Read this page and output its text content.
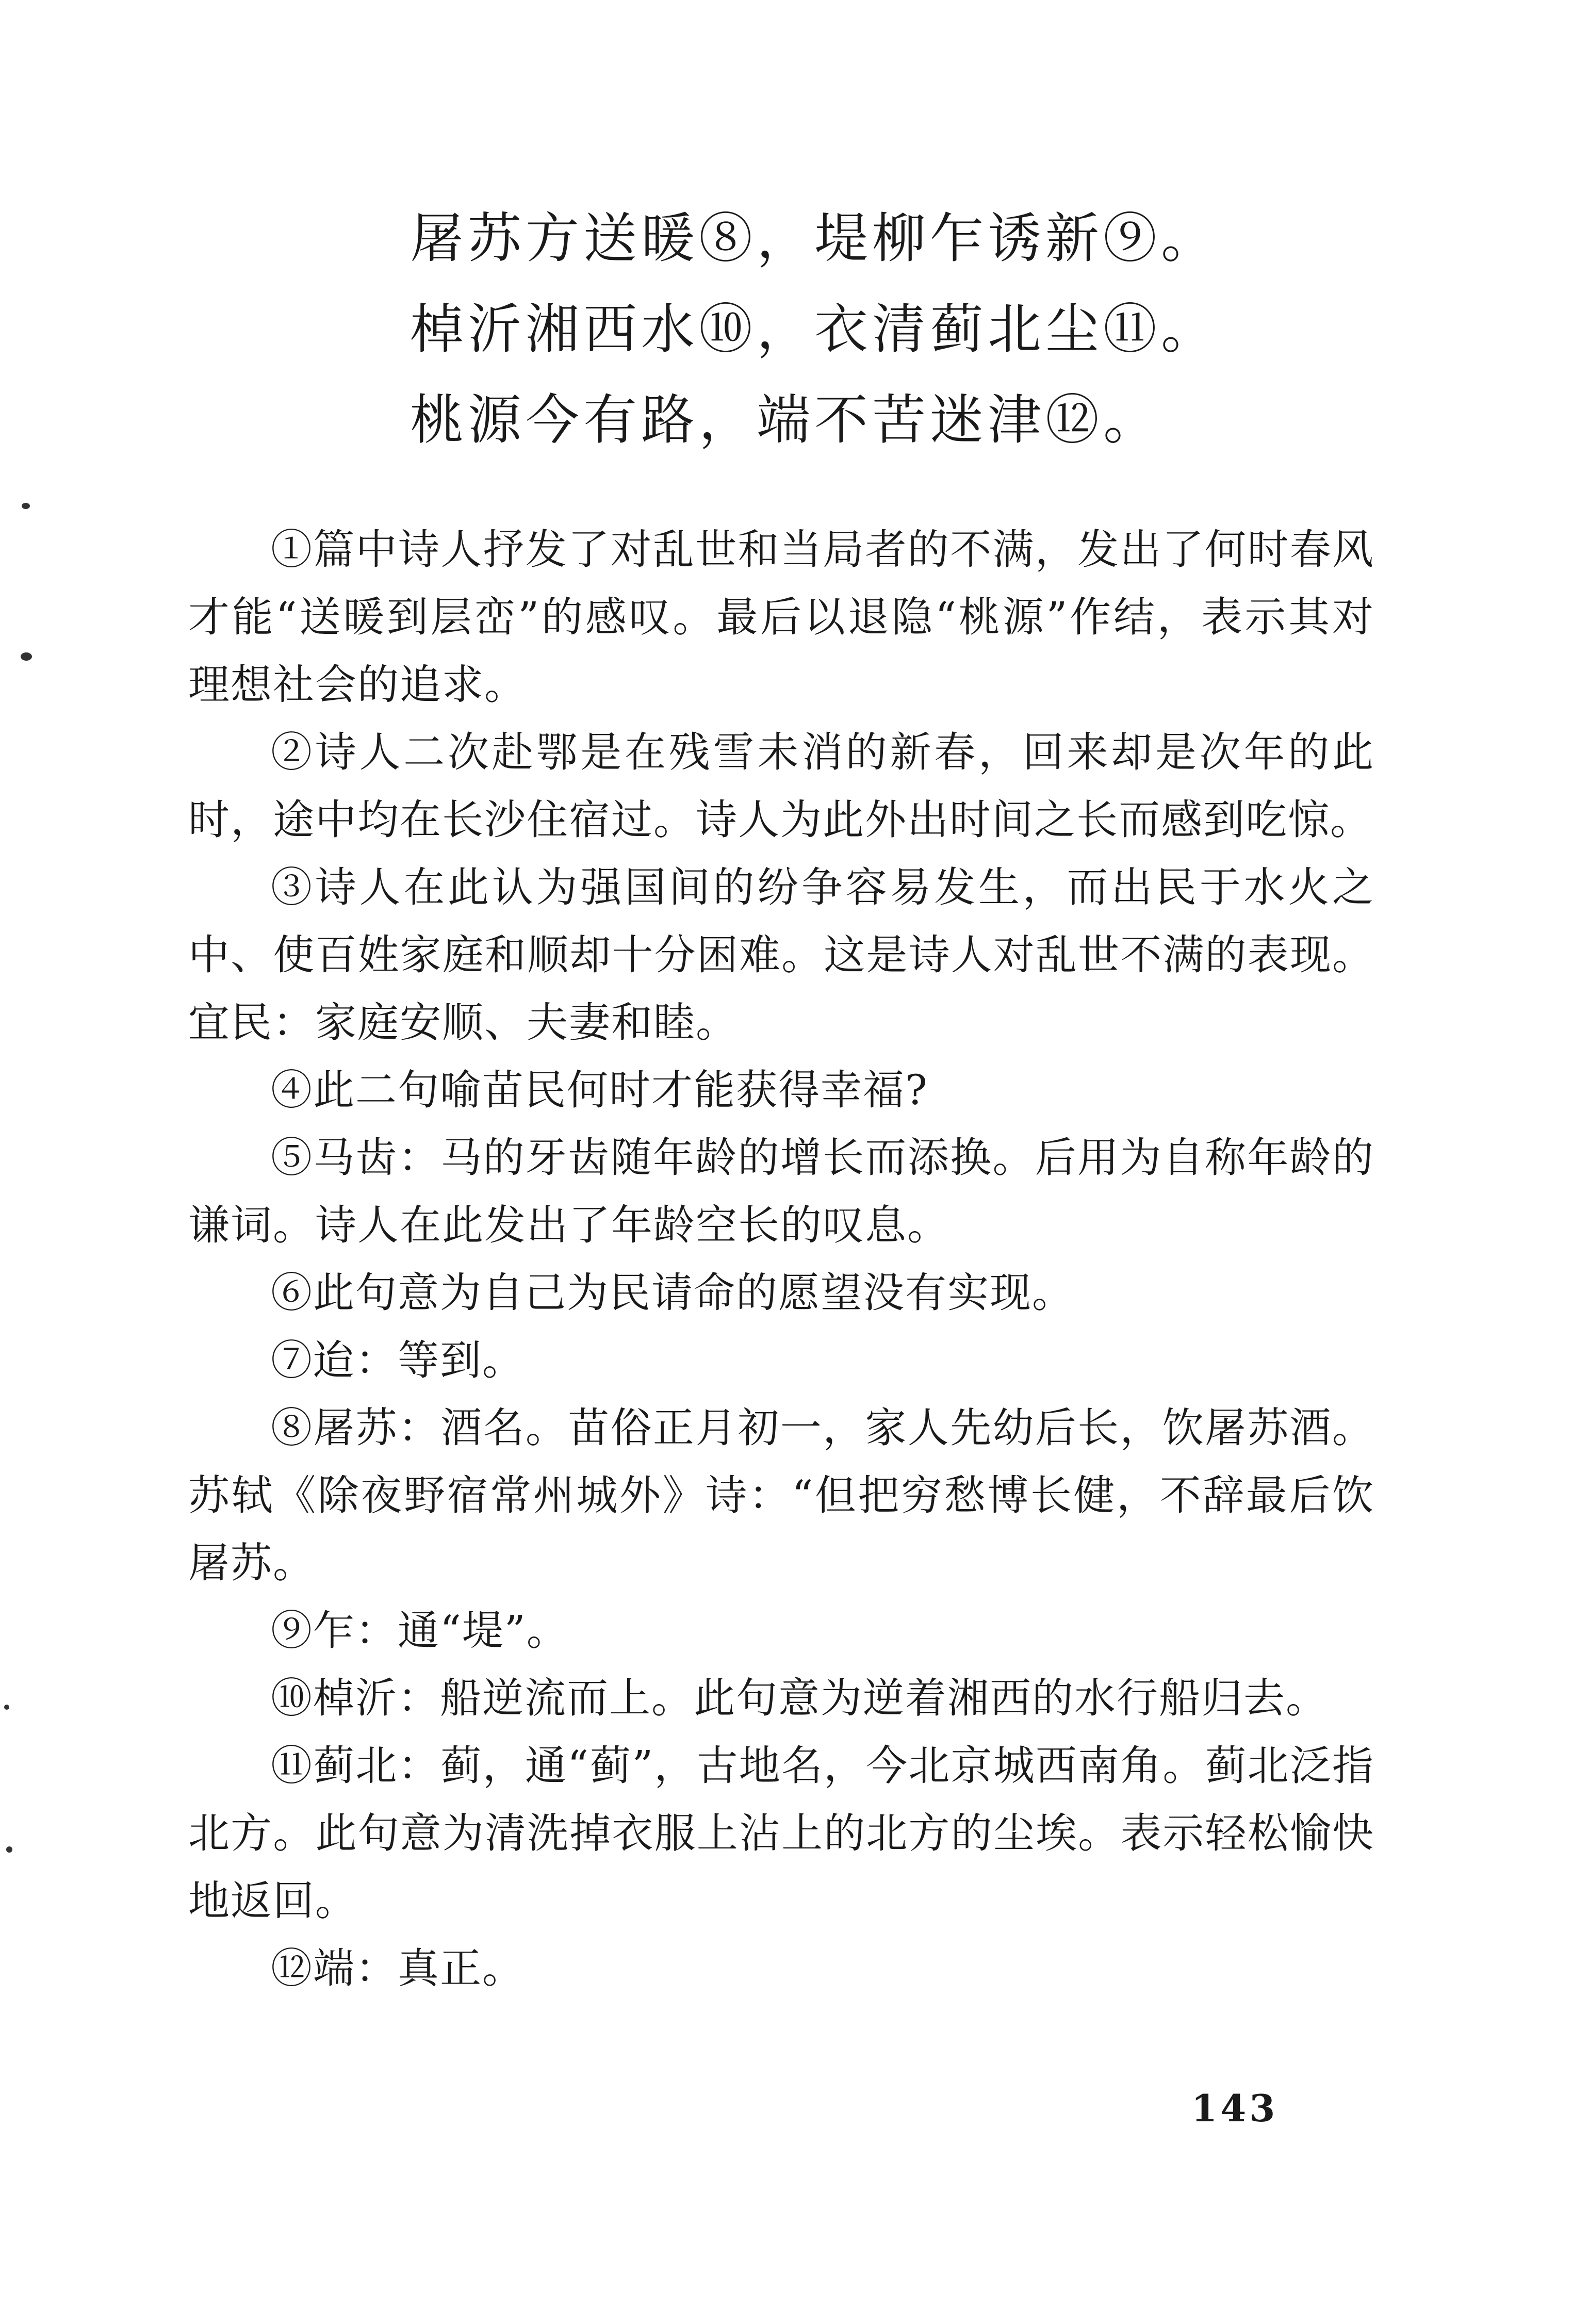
屠苏方送暖⑧，堤柳乍诱新⑨。
棹沂湘西水⑩，衣清蓟北尘⑪。
桃源今有路，端不苦迷津⑫。

①篇中诗人抒发了对乱世和当局者的不满，发出了何时春风才能“送暖到层峦”的感叹。最后以退隐“桃源”作结，表示其对理想社会的追求。

②诗人二次赴鄂是在残雪未消的新春，回来却是次年的此时，途中均在长沙住宿过。诗人为此外出时间之长而感到吃惊。

③诗人在此认为强国间的纷争容易发生，而出民于水火之中、使百姓家庭和顺却十分困难。这是诗人对乱世不满的表现。宜民：家庭安顺、夫妻和睦。

④此二句喻苗民何时才能获得幸福?

⑤马齿：马的牙齿随年龄的增长而添换。后用为自称年龄的谦词。诗人在此发出了年龄空长的叹息。

⑥此句意为自己为民请命的愿望没有实现。

⑦迨：等到。

⑧屠苏：酒名。苗俗正月初一，家人先幼后长，饮屠苏酒。苏轼《除夜野宿常州城外》诗：“但把穷愁博长健，不辞最后饮屠苏。

⑨乍：通“堤”。

⑩棹沂：船逆流而上。此句意为逆着湘西的水行船归去。

⑪蓟北：蓟，通“蓟”，古地名，今北京城西南角。蓟北泛指北方。此句意为清洗掉衣服上沾上的北方的尘埃。表示轻松愉快地返回。

⑫端：真正。

143
